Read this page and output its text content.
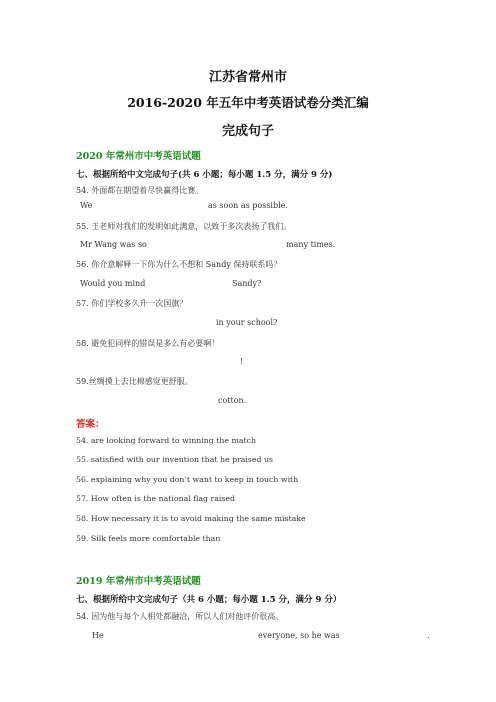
江苏省常州市
2016-2020 年五年中考英语试卷分类汇编
完成句子
2020 年常州市中考英语试题
七、根据所给中文完成句子(共 6 小题；每小题 1.5 分，满分 9 分)
54. 外面都在期望着尽快赢得比赛。
We	as soon as possible.
55. 王老师对我们的发明如此满意，以致于多次表扬了我们。
Mr Wang was so	many times.
56. 你介意解释一下你为什么不想和 Sandy 保持联系吗？
Would you mind	Sandy?
57. 你们学校多久升一次国旗？
in your school?
58. 避免犯同样的错误是多么有必要啊！
!
59.丝绸摸上去比棉感觉更舒服。
cotton.
答案：
54. are looking forward to winning the match
55. satisfied with our invention that he praised us
56. explaining why you don’t want to keep in touch with
57. How often is the national flag raised
58. How necessary it is to avoid making the same mistake
59. Silk feels more comfortable than
2019 年常州市中考英语试题
七、根据所给中文完成句子（共 6 小题；每小题 1.5 分，满分 9 分）
54. 因为他与每个人相处都融洽，所以人们对他评价很高。
He	everyone, so he was	.
